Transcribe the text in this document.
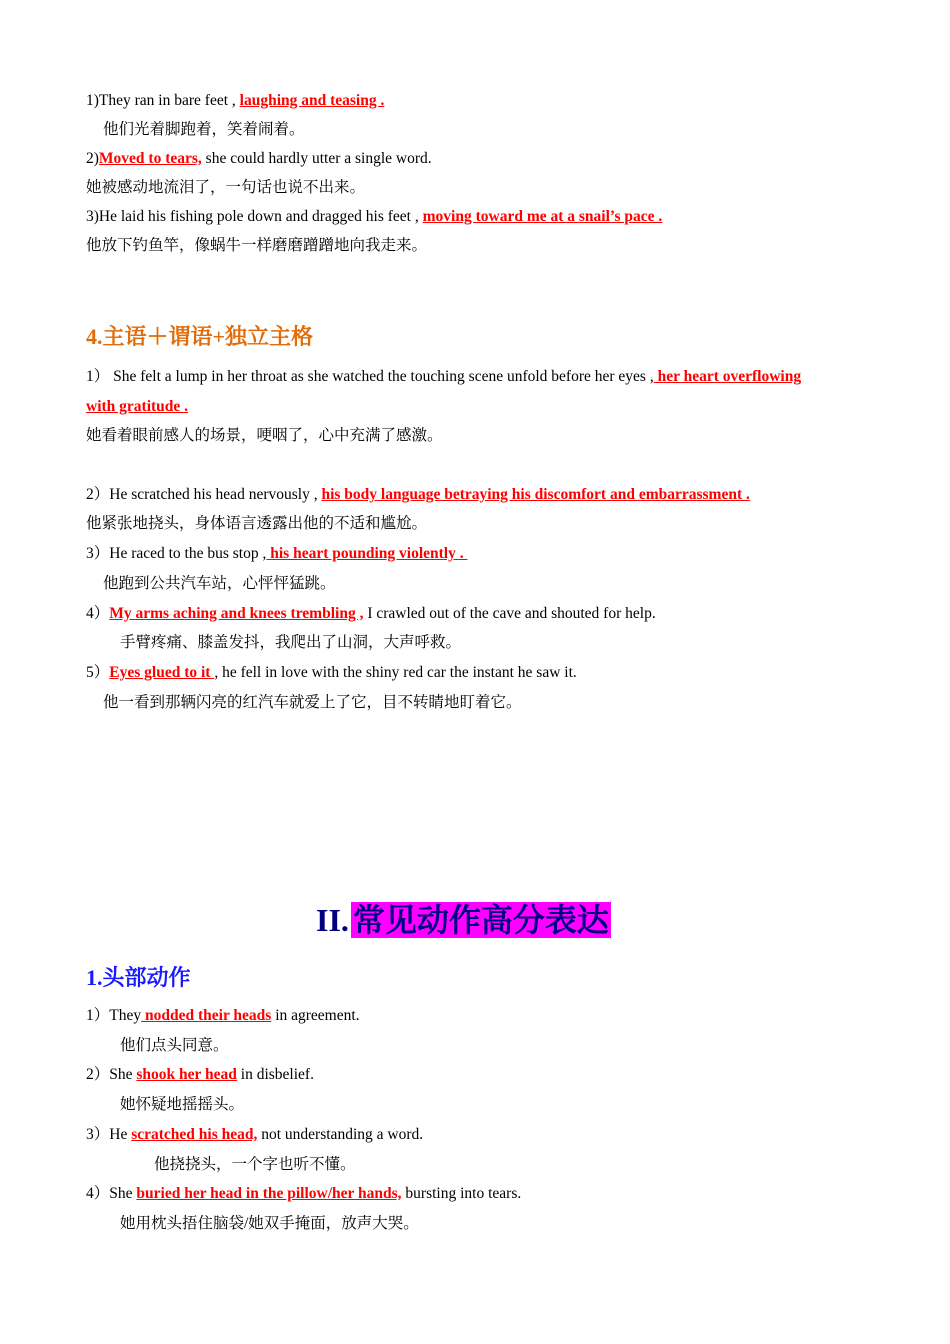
1)They ran in bare feet , laughing and teasing .
他们光着脚跑着，笑着闹着。
2)Moved to tears, she could hardly utter a single word.
她被感动地流泪了，一句话也说不出来。
3)He laid his fishing pole down and dragged his feet , moving toward me at a snail’s pace .
他放下钓鱼竿，像蜗牛一样磨磨蹭蹭地向我走来。
4.主语＋谓语+独立主格
1） She felt a lump in her throat as she watched the touching scene unfold before her eyes , her heart overflowing
with gratitude .
她看着眼前感人的场景，哽咽了，心中充满了感激。
2）He scratched his head nervously , his body language betraying his discomfort and embarrassment .
他紧张地挠头，身体语言透露出他的不适和尴尬。
3）He raced to the bus stop , his heart pounding violently .
他跑到公共汽车站，心怦怦猛跳。
4）My arms aching and knees trembling , I crawled out of the cave and shouted for help.
手臂疼痛、膝盖发抖，我爬出了山洞，大声呼救。
5）Eyes glued to it , he fell in love with the shiny red car the instant he saw it.
他一看到那辆闪亮的红汽车就爱上了它，目不转睛地盯着它。
II. 常见动作高分表达
1.头部动作
1）They nodded their heads in agreement.
他们点头同意。
2）She shook her head in disbelief.
她怀疑地摇摇头。
3）He scratched his head, not understanding a word.
他挠挠头，一个字也听不懂。
4）She buried her head in the pillow/her hands, bursting into tears.
她用枕头捂住脑袋/她双手掩面，放声大哭。
